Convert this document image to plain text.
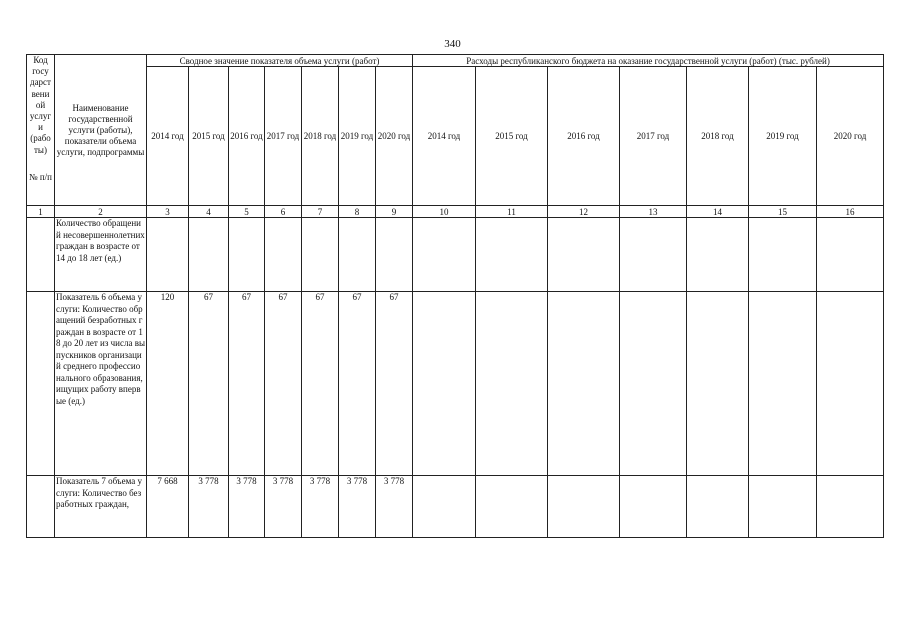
340
Код госу дарст вени ой услуг и (рабо ты)
№ п/п	Наименование государственной услуги (работы), показатели объема услуги, подпрограммы	Сводное значение показателя объема услуги (работ)							Расходы республиканского бюджета на оказание государственной услуги (работ) (тыс. рублей)						
		2014 год	2015 год	2016 год	2017 год	2018 год	2019 год	2020 год	2014 год	2015 год	2016 год	2017 год	2018 год	2019 год	2020 год
1	2	3	4	5	6	7	8	9	10	11	12	13	14	15	16
	Количество обращений несовершеннолетних граждан в возрасте от 14 до 18 лет (ед.)														
	Показатель 6 объема услуги: Количество обращений безработных граждан в возрасте от 18 до 20 лет из числа выпускников организаций среднего профессионального образования, ищущих работу впервые (ед.)	120	67	67	67	67	67	67							
	Показатель 7 объема услуги: Количество безработных граждан,	7 668	3 778	3 778	3 778	3 778	3 778	3 778							
